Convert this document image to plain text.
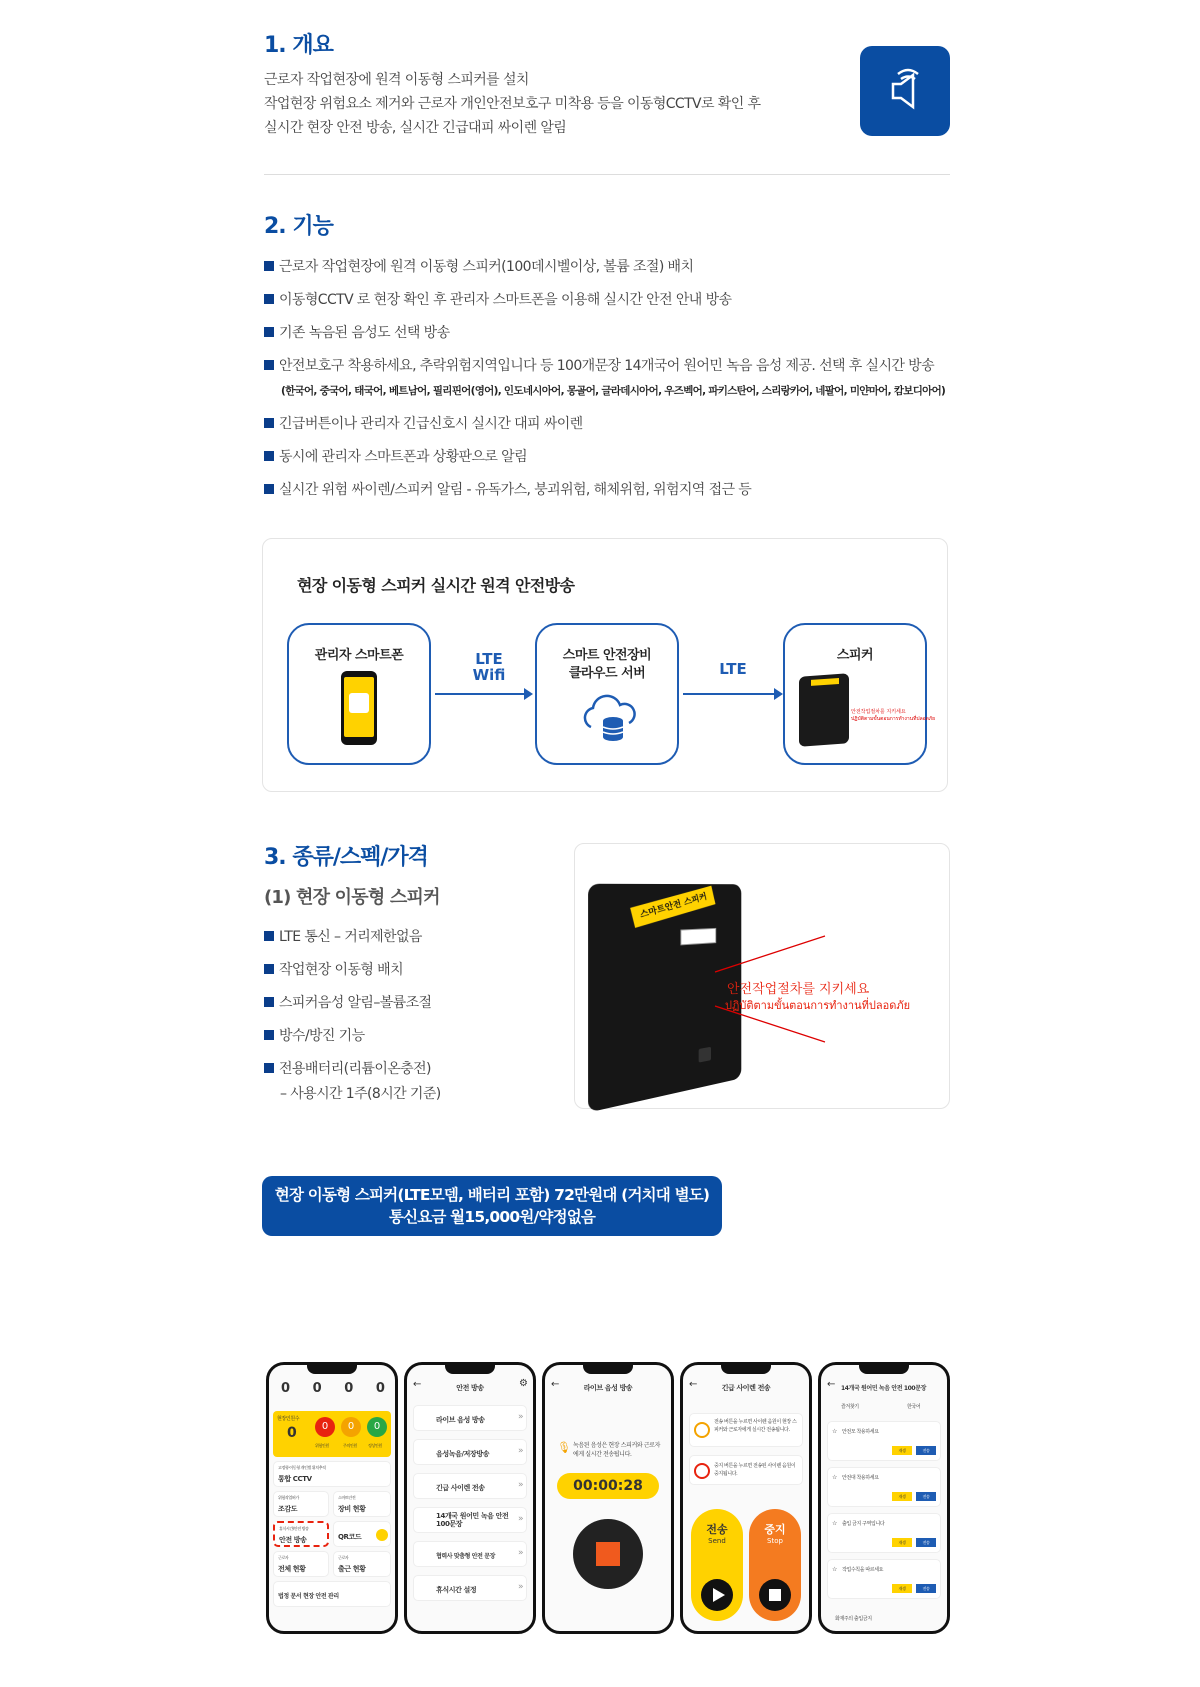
1. 개요
근로자 작업현장에 원격 이동형 스피커를 설치
작업현장 위험요소 제거와 근로자 개인안전보호구 미착용 등을 이동형CCTV로 확인 후
실시간 현장 안전 방송, 실시간 긴급대피 싸이렌 알림
2. 기능
근로자 작업현장에 원격 이동형 스피커(100데시벨이상, 볼륨 조절) 배치
이동형CCTV 로 현장 확인 후 관리자 스마트폰을 이용해 실시간 안전 안내 방송
기존 녹음된 음성도 선택 방송
안전보호구 착용하세요, 추락위험지역입니다 등 100개문장 14개국어 원어민 녹음 음성 제공. 선택 후 실시간 방송
(한국어, 중국어, 태국어, 베트남어, 필리핀어(영어), 인도네시아어, 몽골어, 글라데시아어, 우즈벡어, 파키스탄어, 스리랑카어, 네팔어, 미얀마어, 캄보디아어)
긴급버튼이나 관리자 긴급신호시 실시간 대피 싸이렌
동시에 관리자 스마트폰과 상황판으로 알림
실시간 위험 싸이렌/스피커 알림 - 유독가스, 붕괴위험, 해체위험, 위험지역 접근 등
현장 이동형 스피커 실시간 원격 안전방송
관리자 스마트폰	LTE
Wifi
스마트 안전장비
클라우드 서버	LTE
스피커
안전작업절차를 지키세요
ปฏิบัติตามขั้นตอนการทำงานที่ปลอดภัย
3. 종류/스펙/가격
(1) 현장 이동형 스피커
LTE 통신 – 거리제한없음
작업현장 이동형 배치
스피커음성 알림–볼륨조절
방수/방진 기능
전용배터리(리튬이온충전)
– 사용시간 1주(8시간 기준)
스마트안전 스피커
안전작업절차를 지키세요
ปฏิบัติตามขั้นตอนการทำงานที่ปลอดภัย
현장 이동형 스피커(LTE모뎀, 배터리 포함) 72만원대 (거치대 별도)
통신요금 월15,000원/약정없음
0 0 0 0
현장인원수
0	0	0	0
위험인원	주의인원	정상인원
고정형·이동형 개인별 위치추적
통합 CCTV
위험작업허가
조감도
스마트안전
장비 현황
휴식시간/안전 방송
안전 방송	QR코드
근로자
전체 현황
근로자
출근 현황
법정 문서 현장 안전 관리
←	안전 방송	⚙
라이브 음성 방송	»
음성녹음/저장방송	»
긴급 사이렌 전송	»
14개국 원어민 녹음 안전 100문장	»
협력사 맞춤형 안전 문장	»
휴식시간 설정	»
←	라이브 음성 방송
🎙 녹음된 음성은 현장 스피커와 근로자에게 실시간 전송됩니다.
00:00:28
←	긴급 사이렌 전송
전송 버튼을 누르면 사이렌 음원이 현장 스피커와 근로자에게 실시간 전송됩니다.
중지 버튼을 누르면 전송된 사이렌 음원이 중지됩니다.
전송
Send
중지
Stop
← 14개국 원어민 녹음 안전 100문장
즐겨찾기	한국어
☆ 안전모 착용하세요
재생	전송
☆ 안전대 착용하세요
재생	전송
☆ 출입 금지 구역입니다
재생	전송
☆ 작업수칙을 따르세요
재생	전송
화재주의 출입금지
